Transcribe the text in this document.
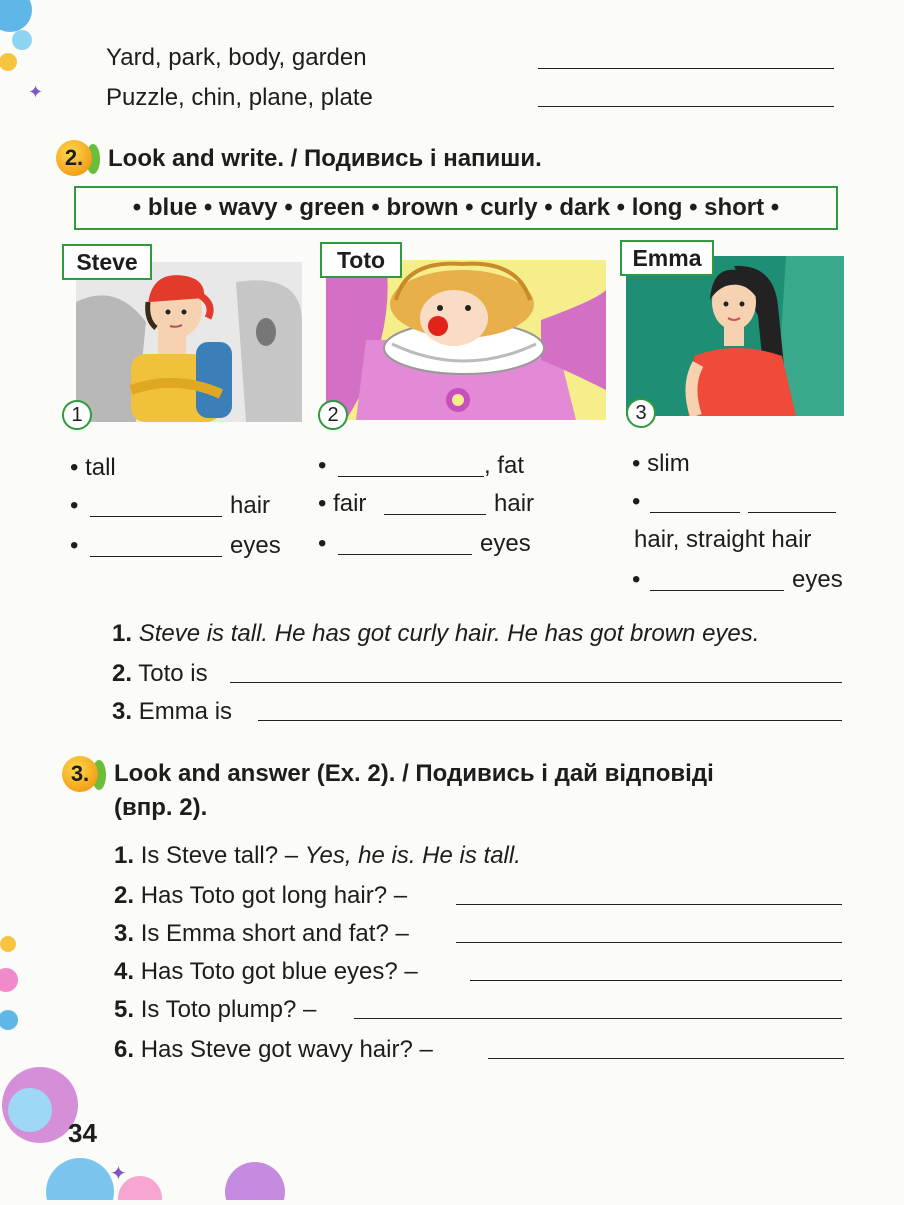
✦
✦
Yard, park, body, garden
Puzzle, chin, plane, plate
2.	Look and write. / Подивись і напиши.
• blue • wavy • green • brown • curly • dark • long • short •
Steve	Toto	Emma
1	2	3
• tall
•	hair
•	eyes
•	, fat
• fair	hair
•	eyes
• slim
•
hair, straight hair
•	eyes
1. Steve is tall. He has got curly hair. He has got brown eyes.
2. Toto is
3. Emma is
3.	Look and answer (Ex. 2). / Подивись і дай відповіді
(впр. 2).
1. Is Steve tall? – Yes, he is. He is tall.
2. Has Toto got long hair? –
3. Is Emma short and fat? –
4. Has Toto got blue eyes? –
5. Is Toto plump? –
6. Has Steve got wavy hair? –
34
